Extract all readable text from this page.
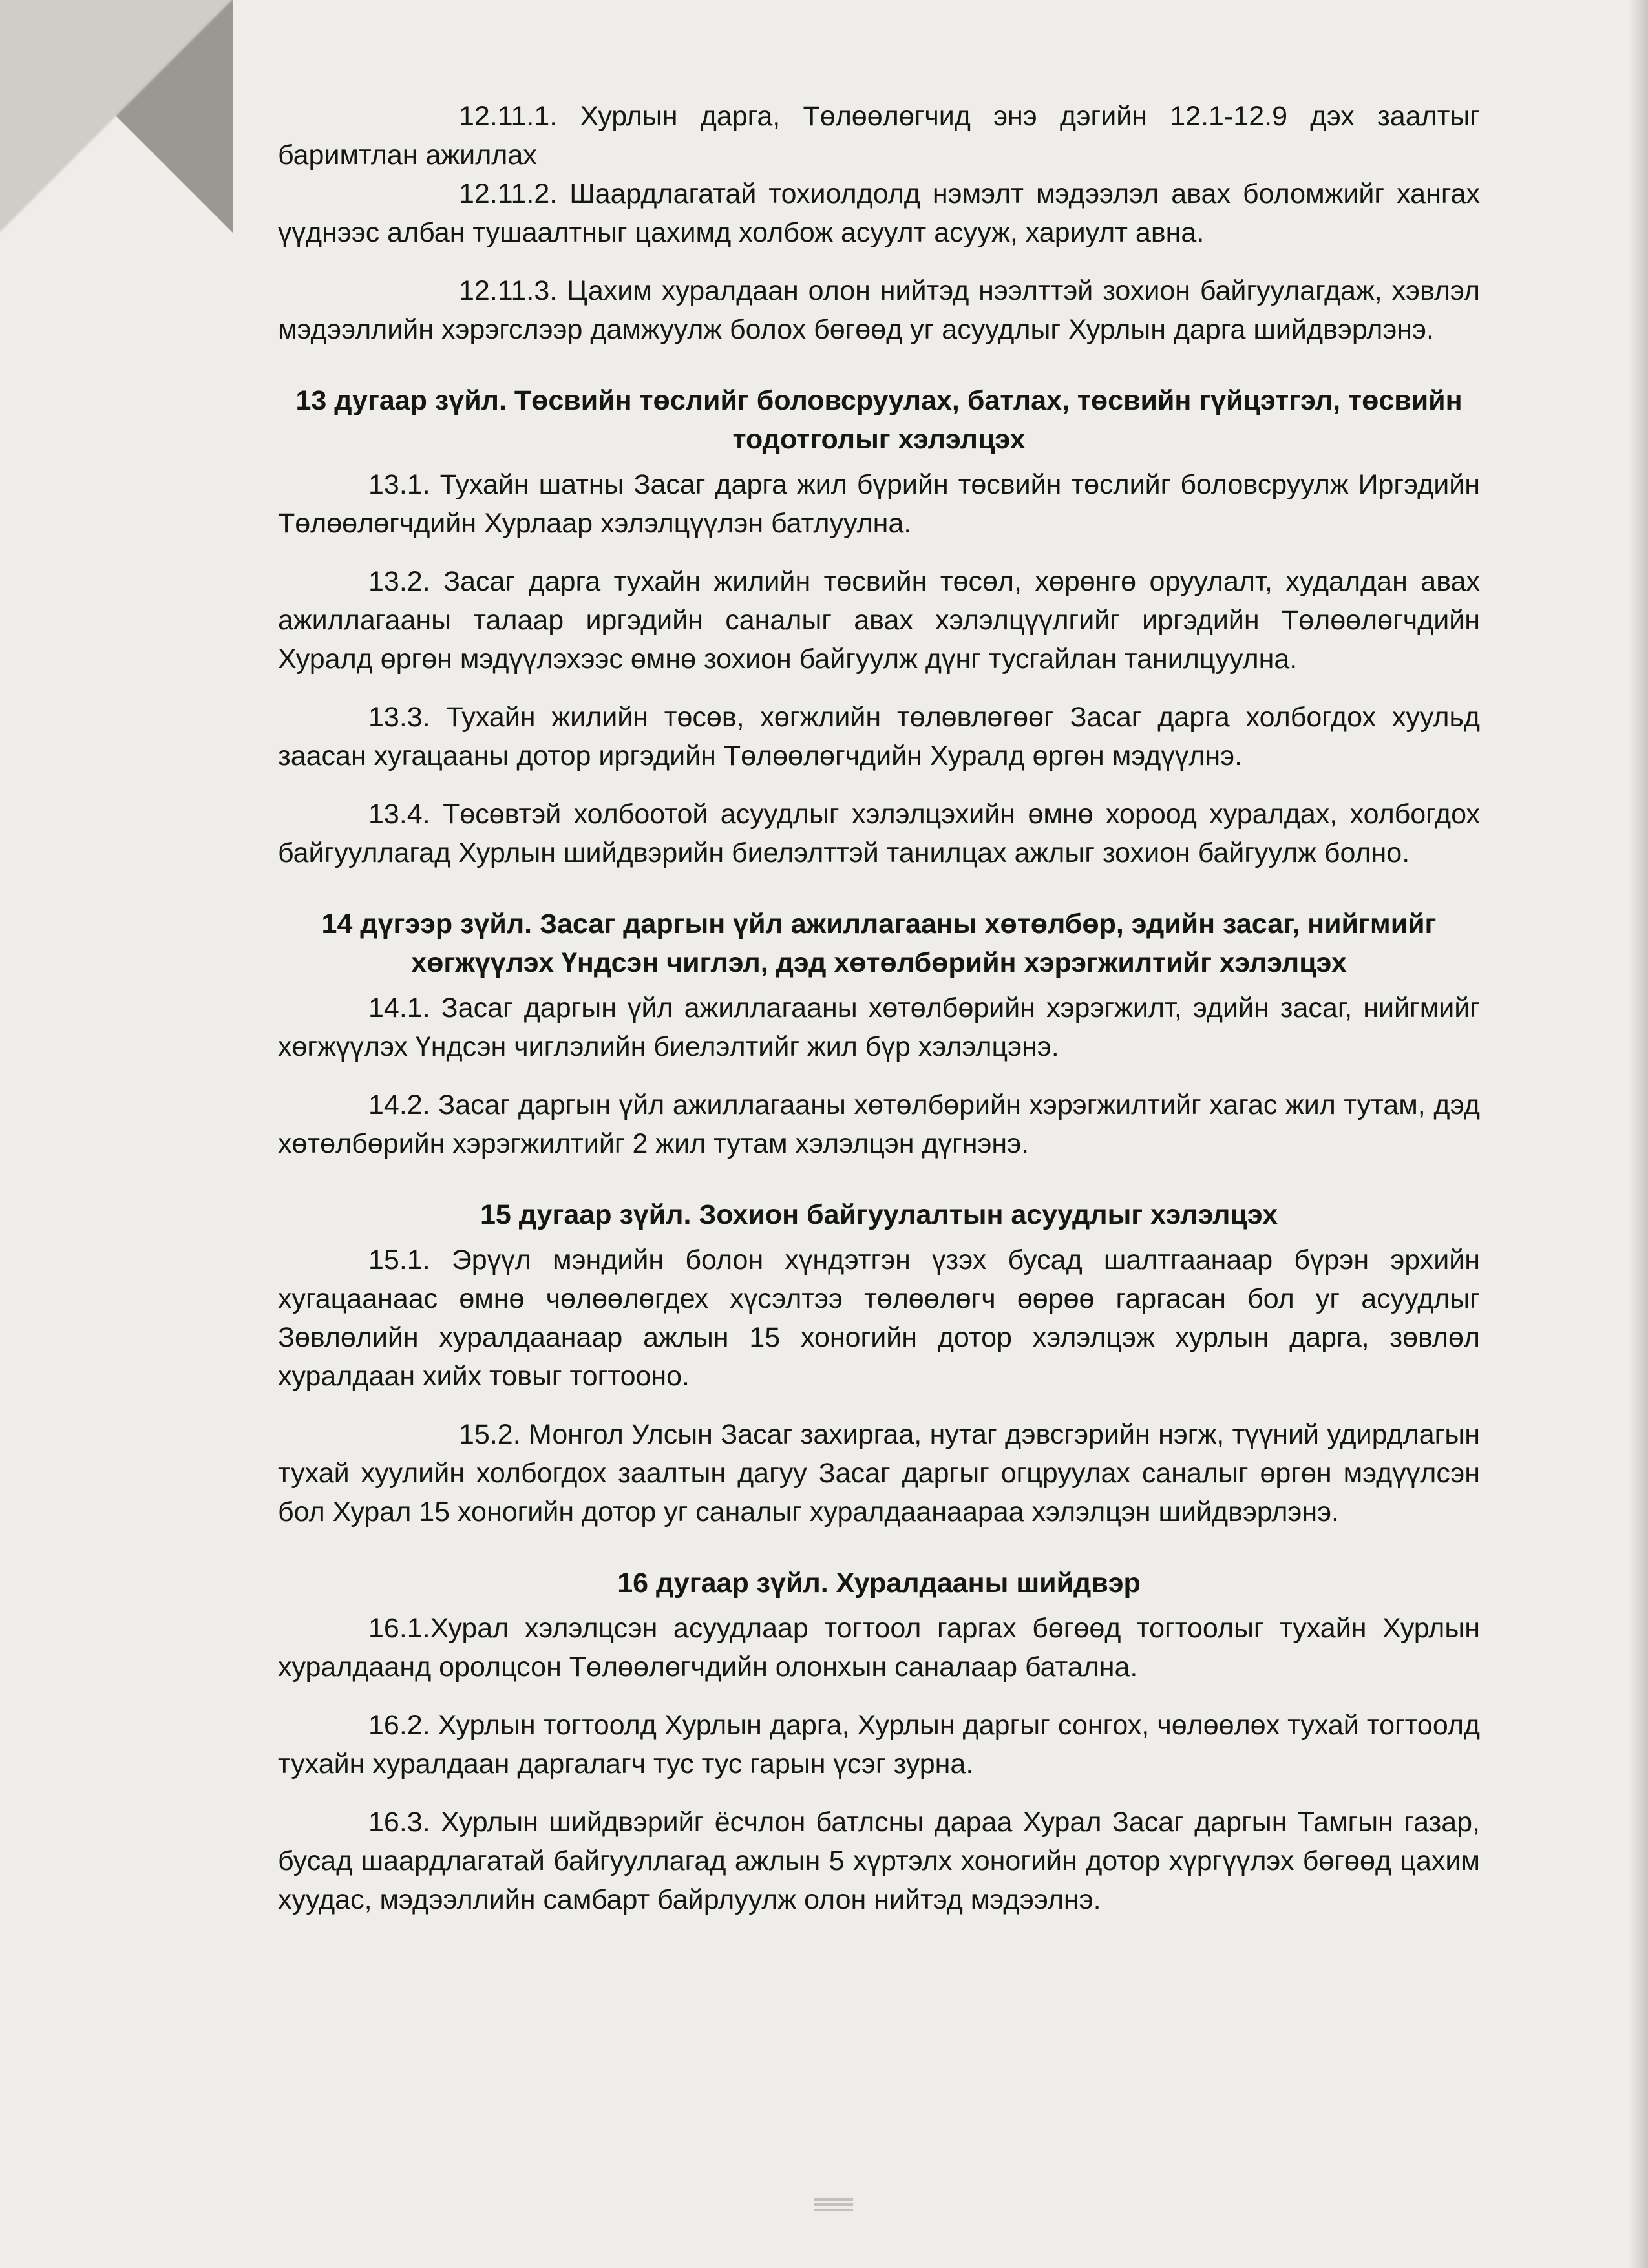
12.11.1. Хурлын дарга, Төлөөлөгчид энэ дэгийн 12.1-12.9 дэх заалтыг баримтлан ажиллах

12.11.2. Шаардлагатай тохиолдолд нэмэлт мэдээлэл авах боломжийг хангах үүднээс албан тушаалтныг цахимд холбож асуулт асууж, хариулт авна.

12.11.3. Цахим хуралдаан олон нийтэд нээлттэй зохион байгуулагдаж, хэвлэл мэдээллийн хэрэгслээр дамжуулж болох бөгөөд уг асуудлыг Хурлын дарга шийдвэрлэнэ.

13 дугаар зүйл. Төсвийн төслийг боловсруулах, батлах, төсвийн гүйцэтгэл, төсвийн тодотголыг хэлэлцэх

13.1. Тухайн шатны Засаг дарга жил бүрийн төсвийн төслийг боловсруулж Иргэдийн Төлөөлөгчдийн Хурлаар хэлэлцүүлэн батлуулна.

13.2. Засаг дарга тухайн жилийн төсвийн төсөл, хөрөнгө оруулалт, худалдан авах ажиллагааны талаар иргэдийн саналыг авах хэлэлцүүлгийг иргэдийн Төлөөлөгчдийн Хуралд өргөн мэдүүлэхээс өмнө зохион байгуулж дүнг тусгайлан танилцуулна.

13.3. Тухайн жилийн төсөв, хөгжлийн төлөвлөгөөг Засаг дарга холбогдох хуульд заасан хугацааны дотор иргэдийн Төлөөлөгчдийн Хуралд өргөн мэдүүлнэ.

13.4. Төсөвтэй холбоотой асуудлыг хэлэлцэхийн өмнө хороод хуралдах, холбогдох байгууллагад Хурлын шийдвэрийн биелэлттэй танилцах ажлыг зохион байгуулж болно.

14 дүгээр зүйл. Засаг даргын үйл ажиллагааны хөтөлбөр, эдийн засаг, нийгмийг хөгжүүлэх Үндсэн чиглэл, дэд хөтөлбөрийн хэрэгжилтийг хэлэлцэх

14.1. Засаг даргын үйл ажиллагааны хөтөлбөрийн хэрэгжилт, эдийн засаг, нийгмийг хөгжүүлэх Үндсэн чиглэлийн биелэлтийг жил бүр хэлэлцэнэ.

14.2. Засаг даргын үйл ажиллагааны хөтөлбөрийн хэрэгжилтийг хагас жил тутам, дэд хөтөлбөрийн хэрэгжилтийг 2 жил тутам хэлэлцэн дүгнэнэ.

15 дугаар зүйл. Зохион байгуулалтын асуудлыг хэлэлцэх

15.1. Эрүүл мэндийн болон хүндэтгэн үзэх бусад шалтгаанаар бүрэн эрхийн хугацаанаас өмнө чөлөөлөгдех хүсэлтээ төлөөлөгч өөрөө гаргасан бол уг асуудлыг Зөвлөлийн хуралдаанаар ажлын 15 хоногийн дотор хэлэлцэж хурлын дарга, зөвлөл хуралдаан хийх товыг тогтооно.

15.2. Монгол Улсын Засаг захиргаа, нутаг дэвсгэрийн нэгж, түүний удирдлагын тухай хуулийн холбогдох заалтын дагуу Засаг даргыг огцруулах саналыг өргөн мэдүүлсэн бол Хурал 15 хоногийн дотор уг саналыг хуралдаанаараа хэлэлцэн шийдвэрлэнэ.

16 дугаар зүйл. Хуралдааны шийдвэр

16.1.Хурал хэлэлцсэн асуудлаар тогтоол гаргах бөгөөд тогтоолыг тухайн Хурлын хуралдаанд оролцсон Төлөөлөгчдийн олонхын саналаар батална.

16.2. Хурлын тогтоолд Хурлын дарга, Хурлын даргыг сонгох, чөлөөлөх тухай тогтоолд тухайн хуралдаан даргалагч тус тус гарын үсэг зурна.

16.3. Хурлын шийдвэрийг ёсчлон батлсны дараа Хурал Засаг даргын Тамгын газар, бусад шаардлагатай байгууллагад ажлын 5 хүртэлх хоногийн дотор хүргүүлэх бөгөөд цахим хуудас, мэдээллийн самбарт байрлуулж олон нийтэд мэдээлнэ.
